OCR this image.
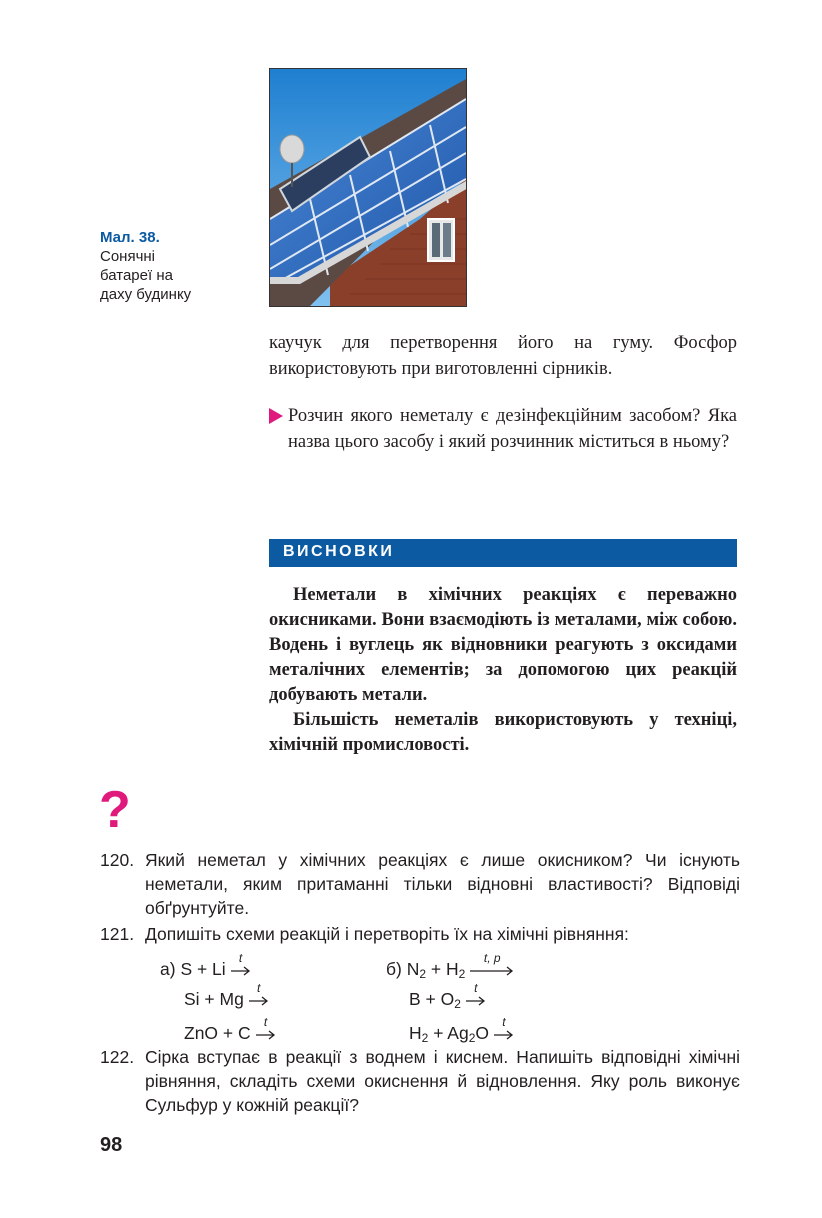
Мал. 38.
Сонячні
батареї на
даху будинку
каучук для перетворення його на гуму. Фосфор використовують при виготовленні сірників.
Розчин якого неметалу є дезінфекційним засобом? Яка назва цього засобу і який розчинник міститься в ньому?
ВИСНОВКИ

Неметали в хімічних реакціях є переважно окисниками. Вони взаємодіють із металами, між собою. Водень і вуглець як відновники реагують з оксидами металічних елементів; за допомогою цих реакцій добувають метали.

Більшість неметалів використовують у техніці, хімічній промисловості.

?
120. Який неметал у хімічних реакціях є лише окисником? Чи існують неметали, яким притаманні тільки відновні властивості? Відповіді обґрунтуйте.
121. Допишіть схеми реакцій і перетворіть їх на хімічні рівняння:
а) S + Li
t
Si + Mg
t
ZnO + C
t
б) $N_2 + H_2$
t, p
$B + O_2$
t
$H_2 + Ag_2O$
t
122. Сірка вступає в реакції з воднем і киснем. Напишіть відповідні хімічні рівняння, складіть схеми окиснення й відновлення. Яку роль виконує Сульфур у кожній реакції?
98
